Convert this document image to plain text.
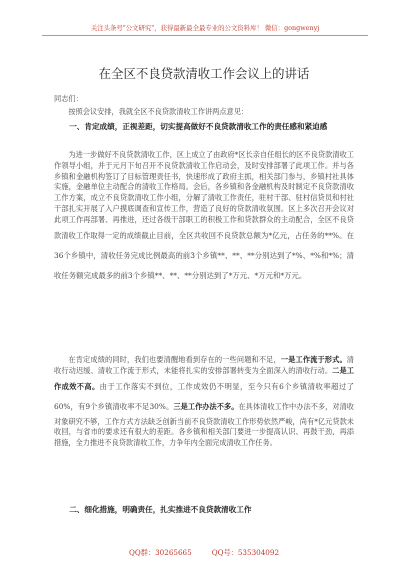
关注头条号"公文研究"，获得最新最全最专业的公文资料库！ 微信：gongwenyj
在全区不良贷款清收工作会议上的讲话
同志们：
按照会议安排，我就全区不良贷款清收工作讲两点意见：
一、肯定成绩，正视差距，切实提高做好不良贷款清收工作的责任感和紧迫感
为进一步做好不良贷款清收工作，区上成立了由政府*区长亲自任组长的区不良贷款清收工作领导小组，并于元月下旬召开不良贷款清收工作启动会，及时安排部署了此项工作。并与各乡镇和金融机构签订了目标管理责任书，快速形成了政府主抓，相关部门参与，乡镇村社具体实施，金融单位主动配合的清收工作格局。会后，各乡镇和各金融机构及时制定不良贷款清收工作方案，成立不良贷款清收工作小组，分解了清收工作责任，驻村干部、驻村信贷员和村社干部扎实开展了入户摸底调查和宣传工作，营造了良好的贷款清收氛围。区上多次召开会议对此项工作再部署、再推进，还过各级干部职工的积极工作和贷款群众的主动配合，全区不良贷款清收工作取得一定的成绩截止目前，全区共收回不良贷款总额为*亿元，占任务的**%。在36个乡镇中，清收任务完成比例最高的前3个乡镇**、**、**分别达到了*%、*%和*%；清收任务额完成最多的前3个乡镇**、**、**分别达到了*万元、*万元和*万元。
在肯定成绩的同时，我们也要清醒地看到存在的一些问题和不足，一是工作流于形式。清收行动迟缓、清收工作流于形式，未能将扎实的安排部署转变为全面深入的清收行动。二是工作成效不高。由于工作落实不到位，工作成效仍不明显，至今只有6个乡镇清收率超过了60%，有9个乡镇清收率不足30%。三是工作办法不多。在具体清收工作中办法不多，对清收对象研究不够，工作方式方法缺乏创新当前不良贷款清收工作形势依然严峻，尚有*亿元贷款未收回，与省市的要求还有很大的差距。各乡镇和相关部门要进一步提高认识、再鼓干劲，再添措施，全力推进不良贷款清收工作，力争年内全面完成清收工作任务。
二、细化措施，明确责任，扎实推进不良贷款清收工作
QQ群：30265665	QQ号：535304092
